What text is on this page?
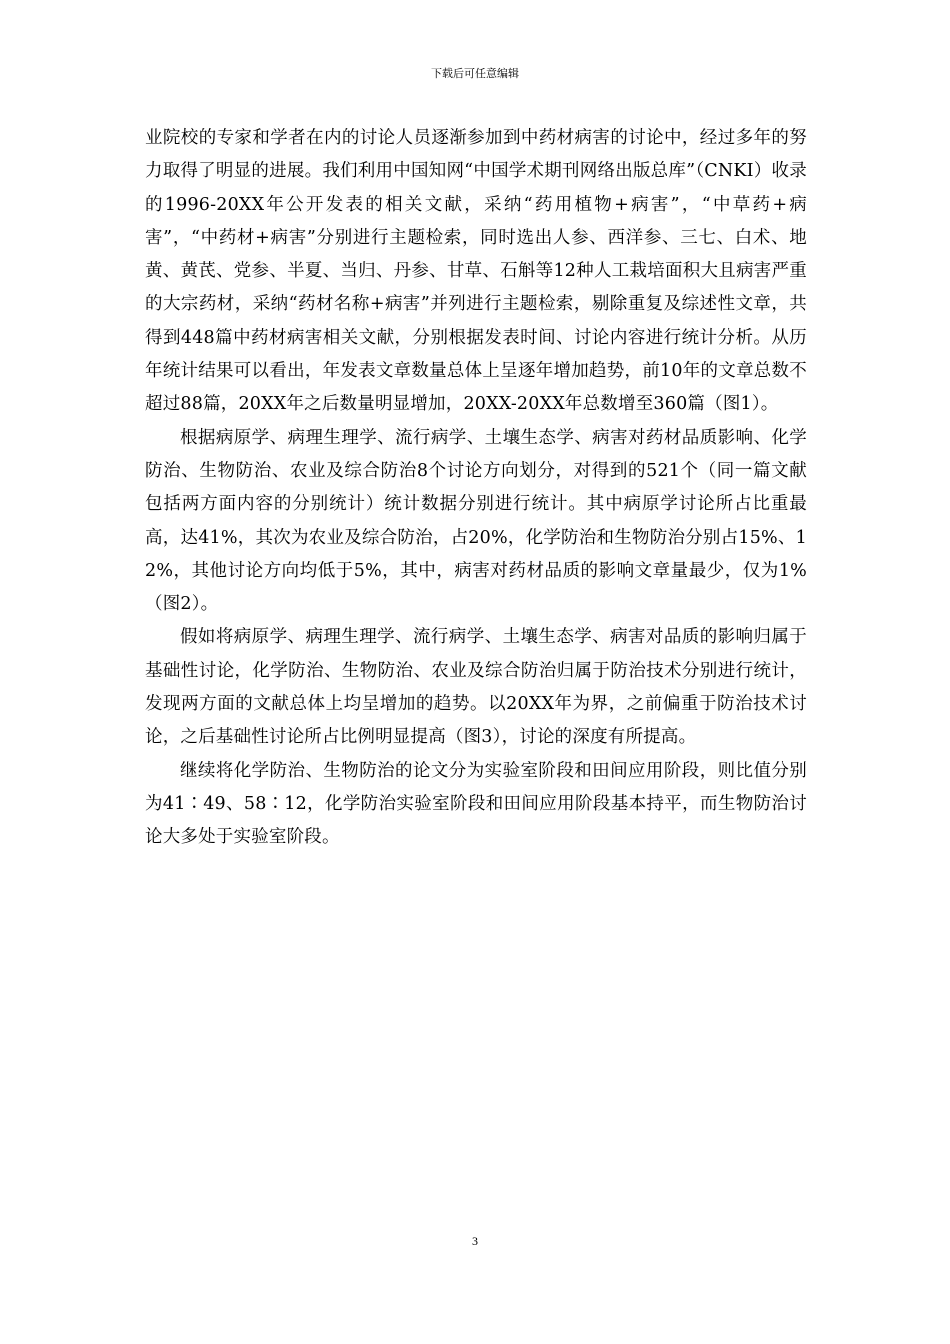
下载后可任意编辑

业院校的专家和学者在内的讨论人员逐渐参加到中药材病害的讨论中，经过多年的努力取得了明显的进展。我们利用中国知网“中国学术期刊网络出版总库”（CNKI）收录的1996-20XX年公开发表的相关文献，采纳“药用植物+病害”，“中草药+病害”，“中药材+病害”分别进行主题检索，同时选出人参、西洋参、三七、白术、地黄、黄芪、党参、半夏、当归、丹参、甘草、石斛等12种人工栽培面积大且病害严重的大宗药材，采纳“药材名称+病害”并列进行主题检索，剔除重复及综述性文章，共得到448篇中药材病害相关文献，分别根据发表时间、讨论内容进行统计分析。从历年统计结果可以看出，年发表文章数量总体上呈逐年增加趋势，前10年的文章总数不超过88篇，20XX年之后数量明显增加，20XX-20XX年总数增至360篇（图1）。

根据病原学、病理生理学、流行病学、土壤生态学、病害对药材品质影响、化学防治、生物防治、农业及综合防治8个讨论方向划分，对得到的521个（同一篇文献包括两方面内容的分别统计）统计数据分别进行统计。其中病原学讨论所占比重最高，达41%，其次为农业及综合防治，占20%，化学防治和生物防治分别占15%、12%，其他讨论方向均低于5%，其中，病害对药材品质的影响文章量最少，仅为1%（图2）。

假如将病原学、病理生理学、流行病学、土壤生态学、病害对品质的影响归属于基础性讨论，化学防治、生物防治、农业及综合防治归属于防治技术分别进行统计，发现两方面的文献总体上均呈增加的趋势。以20XX年为界，之前偏重于防治技术讨论，之后基础性讨论所占比例明显提高（图3），讨论的深度有所提高。

继续将化学防治、生物防治的论文分为实验室阶段和田间应用阶段，则比值分别为41∶49、58∶12，化学防治实验室阶段和田间应用阶段基本持平，而生物防治讨论大多处于实验室阶段。

3
